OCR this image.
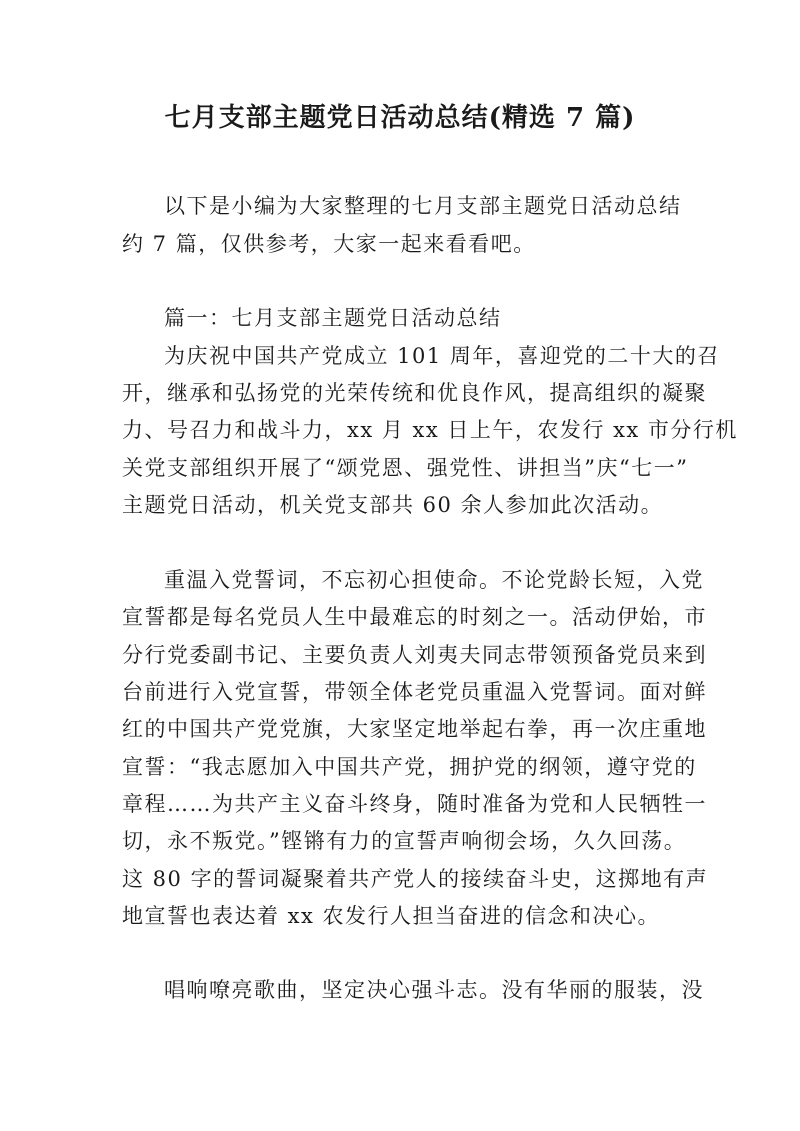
七月支部主题党日活动总结(精选 7 篇)
以下是小编为大家整理的七月支部主题党日活动总结
约 7 篇，仅供参考，大家一起来看看吧。
篇一：七月支部主题党日活动总结
为庆祝中国共产党成立 101 周年，喜迎党的二十大的召
开，继承和弘扬党的光荣传统和优良作风，提高组织的凝聚
力、号召力和战斗力，xx 月 xx 日上午，农发行 xx 市分行机
关党支部组织开展了“颂党恩、强党性、讲担当”庆“七一”
主题党日活动，机关党支部共 60 余人参加此次活动。
重温入党誓词，不忘初心担使命。不论党龄长短，入党
宣誓都是每名党员人生中最难忘的时刻之一。活动伊始，市
分行党委副书记、主要负责人刘夷夫同志带领预备党员来到
台前进行入党宣誓，带领全体老党员重温入党誓词。面对鲜
红的中国共产党党旗，大家坚定地举起右拳，再一次庄重地
宣誓：“我志愿加入中国共产党，拥护党的纲领，遵守党的
章程……为共产主义奋斗终身，随时准备为党和人民牺牲一
切，永不叛党。”铿锵有力的宣誓声响彻会场，久久回荡。
这 80 字的誓词凝聚着共产党人的接续奋斗史，这掷地有声
地宣誓也表达着 xx 农发行人担当奋进的信念和决心。
唱响嘹亮歌曲，坚定决心强斗志。没有华丽的服装，没
